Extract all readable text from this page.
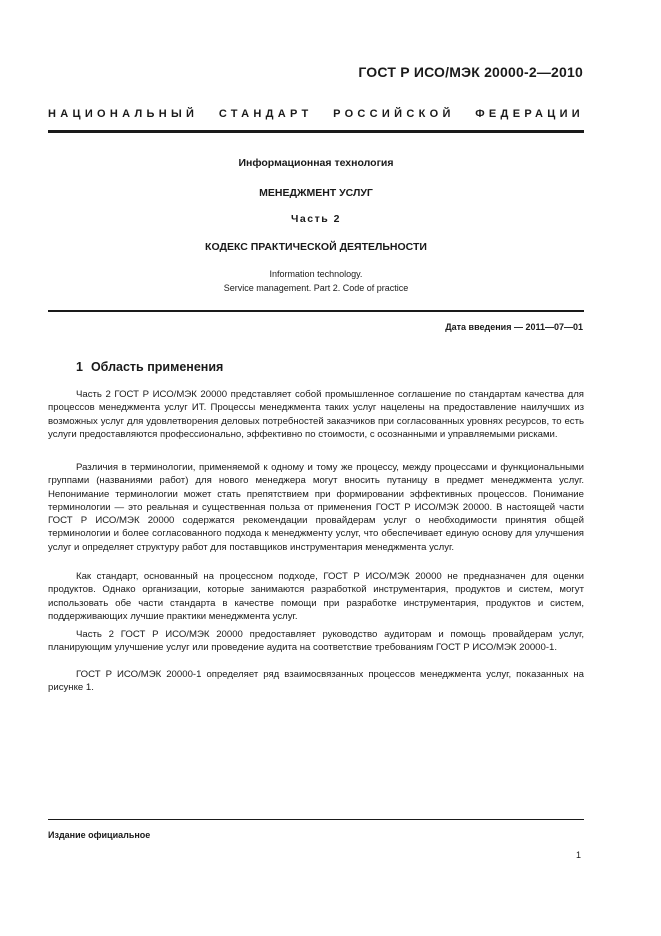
ГОСТ Р ИСО/МЭК 20000-2—2010
НАЦИОНАЛЬНЫЙ СТАНДАРТ РОССИЙСКОЙ ФЕДЕРАЦИИ
Информационная технология
МЕНЕДЖМЕНТ УСЛУГ
Часть 2
КОДЕКС ПРАКТИЧЕСКОЙ ДЕЯТЕЛЬНОСТИ
Information technology.
Service management. Part 2. Code of practice
Дата введения — 2011—07—01
1 Область применения

Часть 2 ГОСТ Р ИСО/МЭК 20000 представляет собой промышленное соглашение по стандартам качества для процессов менеджмента услуг ИТ. Процессы менеджмента таких услуг нацелены на предоставление наилучших из возможных услуг для удовлетворения деловых потребностей заказчиков при согласованных уровнях ресурсов, то есть услуги предоставляются профессионально, эффективно по стоимости, с осознанными и управляемыми рисками.

Различия в терминологии, применяемой к одному и тому же процессу, между процессами и функциональными группами (названиями работ) для нового менеджера могут вносить путаницу в предмет менеджмента услуг. Непонимание терминологии может стать препятствием при формировании эффективных процессов. Понимание терминологии — это реальная и существенная польза от применения ГОСТ Р ИСО/МЭК 20000. В настоящей части ГОСТ Р ИСО/МЭК 20000 содержатся рекомендации провайдерам услуг о необходимости принятия общей терминологии и более согласованного подхода к менеджменту услуг, что обеспечивает единую основу для улучшения услуг и определяет структуру работ для поставщиков инструментария менеджмента услуг.

Как стандарт, основанный на процессном подходе, ГОСТ Р ИСО/МЭК 20000 не предназначен для оценки продуктов. Однако организации, которые занимаются разработкой инструментария, продуктов и систем, могут использовать обе части стандарта в качестве помощи при разработке инструментария, продуктов и систем, поддерживающих лучшие практики менеджмента услуг.

Часть 2 ГОСТ Р ИСО/МЭК 20000 предоставляет руководство аудиторам и помощь провайдерам услуг, планирующим улучшение услуг или проведение аудита на соответствие требованиям ГОСТ Р ИСО/МЭК 20000-1.

ГОСТ Р ИСО/МЭК 20000-1 определяет ряд взаимосвязанных процессов менеджмента услуг, показанных на рисунке 1.

Издание официальное
1
